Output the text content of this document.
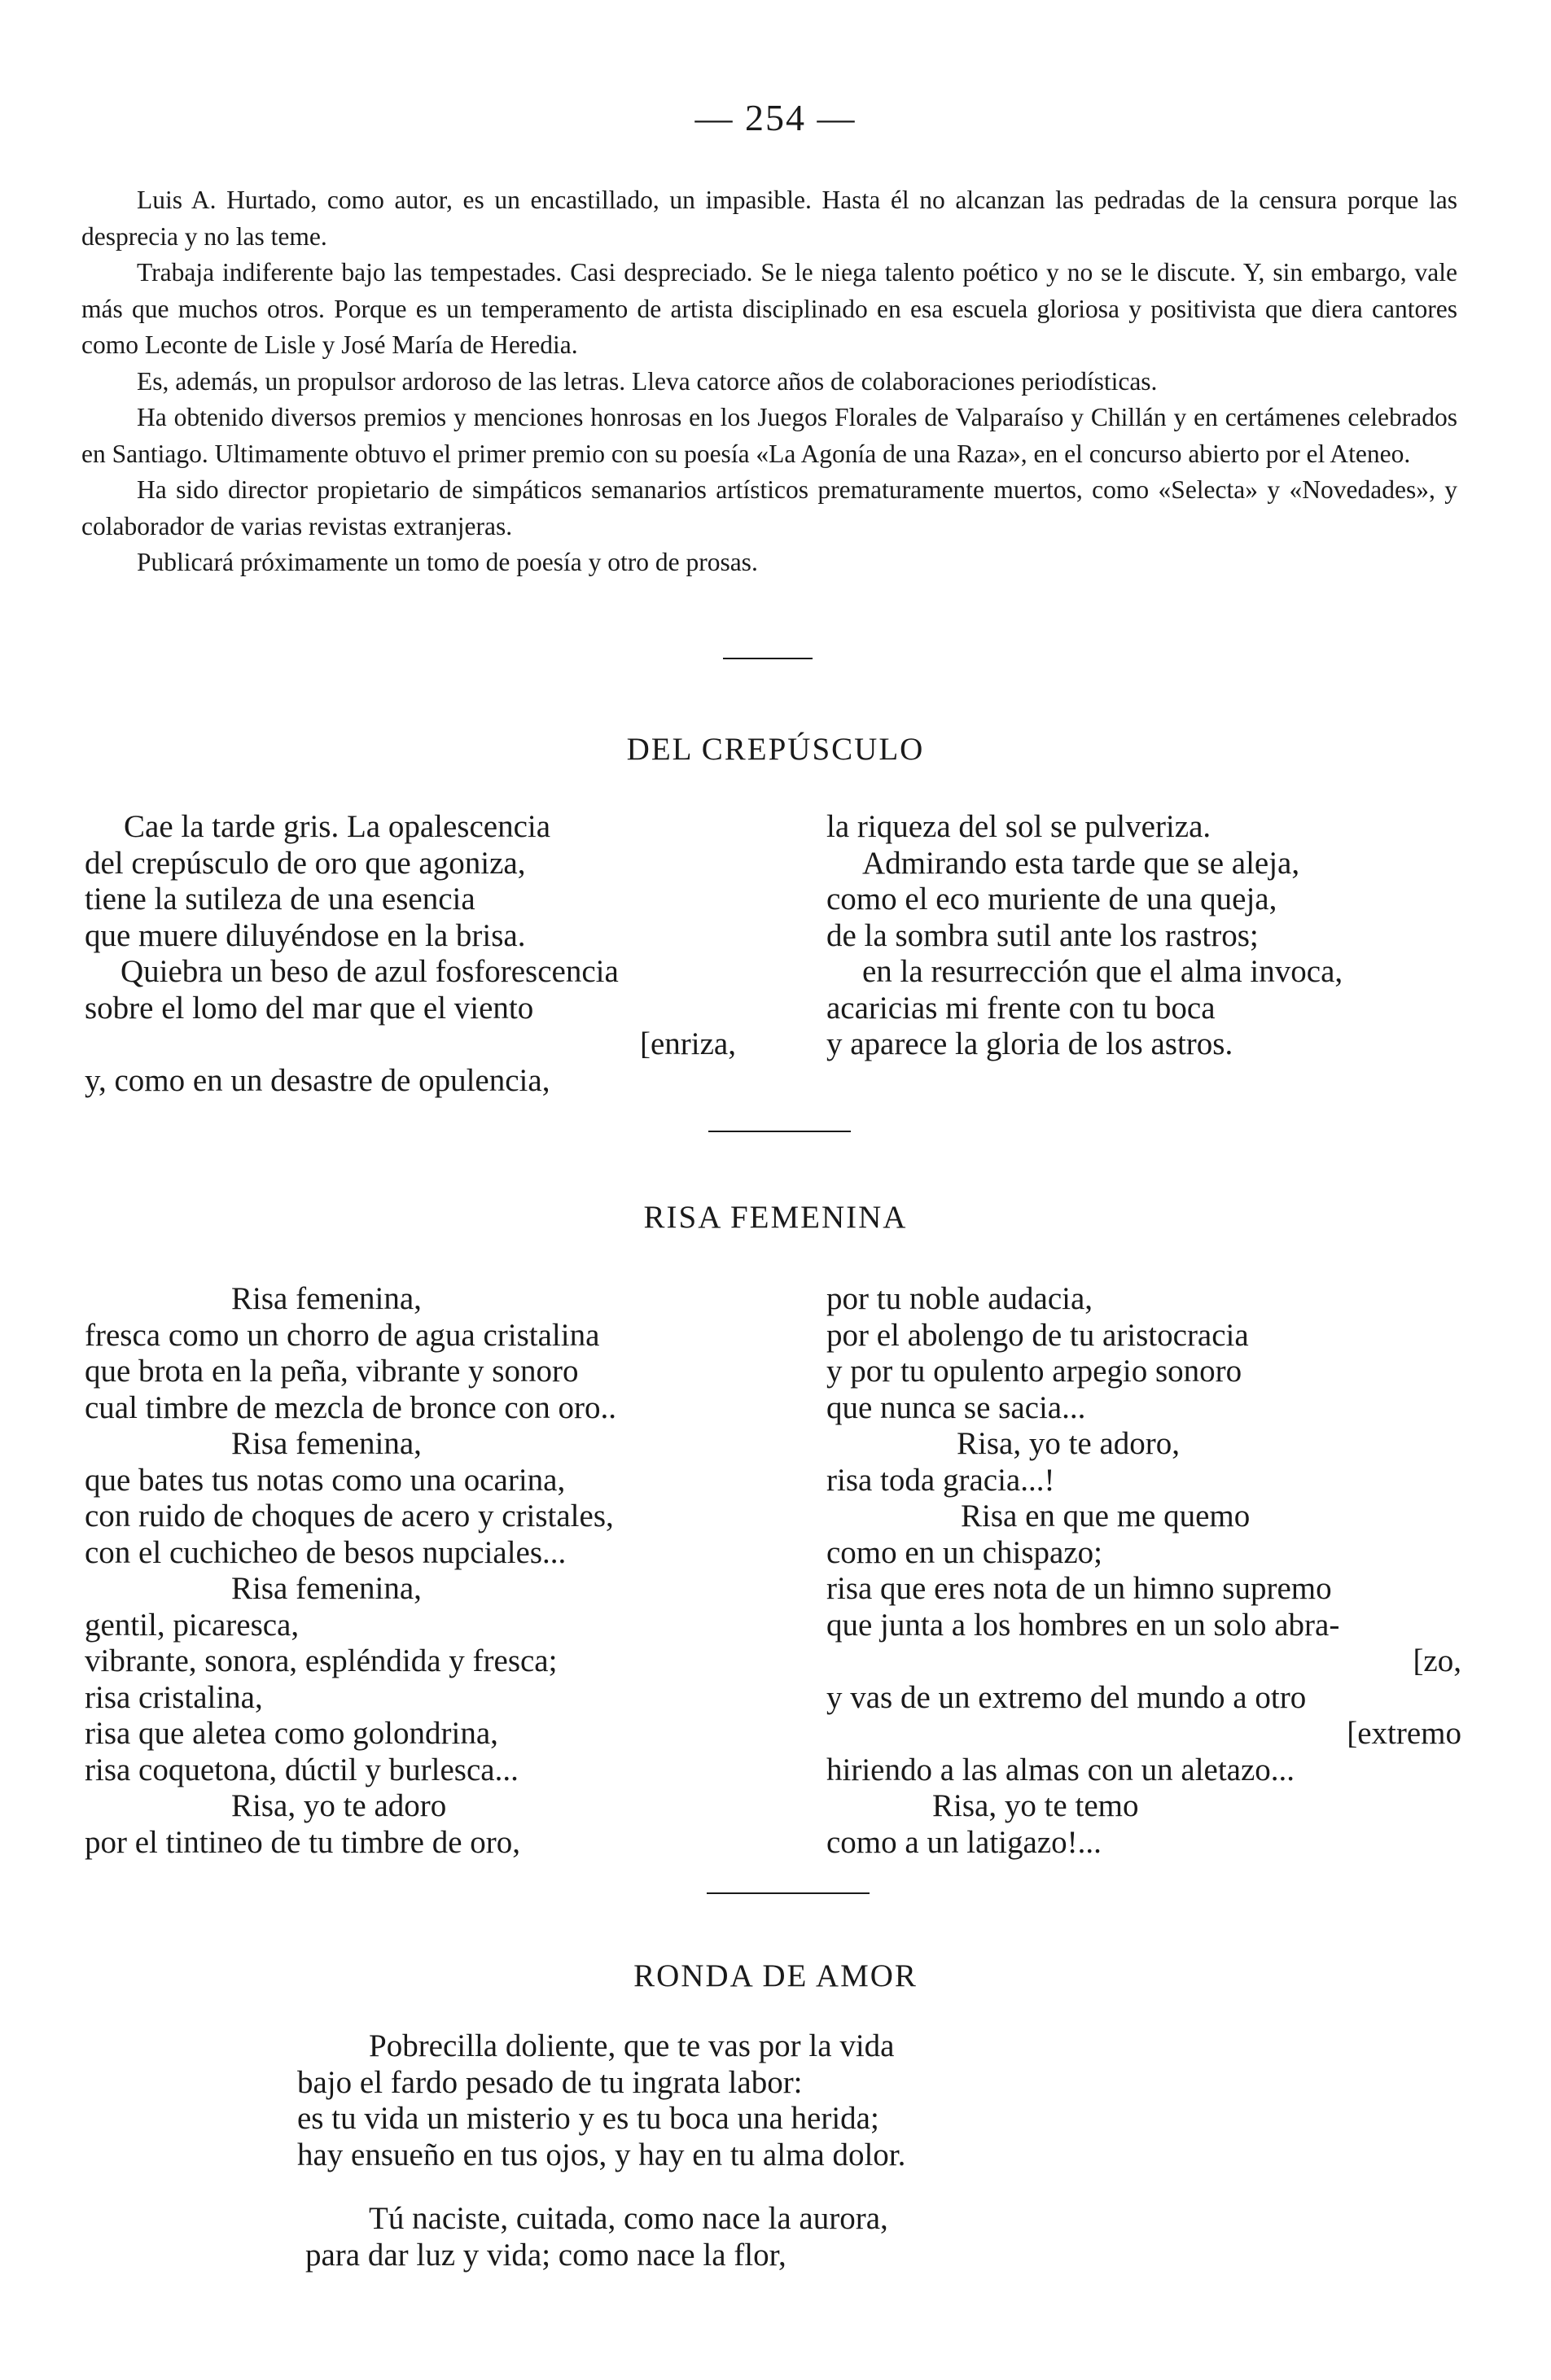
— 254 —

Luis A. Hurtado, como autor, es un encastillado, un impasible. Hasta él no alcanzan las pedradas de la censura porque las desprecia y no las teme.

Trabaja indiferente bajo las tempestades. Casi despreciado. Se le niega talento poético y no se le discute. Y, sin embargo, vale más que muchos otros. Porque es un temperamento de artista disciplinado en esa escuela gloriosa y positivista que diera cantores como Leconte de Lisle y José María de Heredia.

Es, además, un propulsor ardoroso de las letras. Lleva catorce años de colaboraciones periodísticas.

Ha obtenido diversos premios y menciones honrosas en los Juegos Florales de Valparaíso y Chillán y en certámenes celebrados en Santiago. Ultimamente obtuvo el primer premio con su poesía «La Agonía de una Raza», en el concurso abierto por el Ateneo.

Ha sido director propietario de simpáticos semanarios artísticos prematuramente muertos, como «Selecta» y «Novedades», y colaborador de varias revistas extranjeras.

Publicará próximamente un tomo de poesía y otro de prosas.

DEL CREPÚSCULO
Cae la tarde gris. La opalescencia
del crepúsculo de oro que agoniza,
tiene la sutileza de una esencia
que muere diluyéndose en la brisa.
Quiebra un beso de azul fosforescencia
sobre el lomo del mar que el viento
[enriza,
y, como en un desastre de opulencia,
la riqueza del sol se pulveriza.
Admirando esta tarde que se aleja,
como el eco muriente de una queja,
de la sombra sutil ante los rastros;
en la resurrección que el alma invoca,
acaricias mi frente con tu boca
y aparece la gloria de los astros.
RISA FEMENINA
Risa femenina,
fresca como un chorro de agua cristalina
que brota en la peña, vibrante y sonoro
cual timbre de mezcla de bronce con oro..
Risa femenina,
que bates tus notas como una ocarina,
con ruido de choques de acero y cristales,
con el cuchicheo de besos nupciales...
Risa femenina,
gentil, picaresca,
vibrante, sonora, espléndida y fresca;
risa cristalina,
risa que aletea como golondrina,
risa coquetona, dúctil y burlesca...
Risa, yo te adoro
por el tintineo de tu timbre de oro,
por tu noble audacia,
por el abolengo de tu aristocracia
y por tu opulento arpegio sonoro
que nunca se sacia...
Risa, yo te adoro,
risa toda gracia...!
Risa en que me quemo
como en un chispazo;
risa que eres nota de un himno supremo
que junta a los hombres en un solo abra-
[zo,
y vas de un extremo del mundo a otro
[extremo
hiriendo a las almas con un aletazo...
Risa, yo te temo
como a un latigazo!...
RONDA DE AMOR
Pobrecilla doliente, que te vas por la vida
bajo el fardo pesado de tu ingrata labor:
es tu vida un misterio y es tu boca una herida;
hay ensueño en tus ojos, y hay en tu alma dolor.
Tú naciste, cuitada, como nace la aurora,
para dar luz y vida; como nace la flor,
